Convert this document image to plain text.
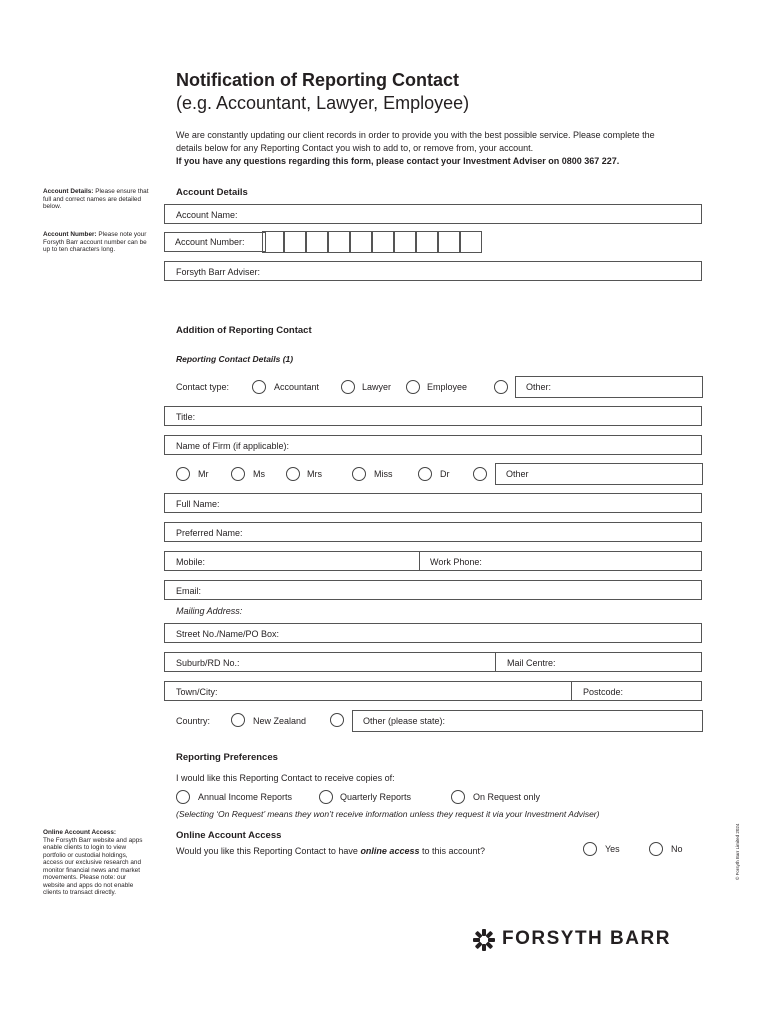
Notification of Reporting Contact
(e.g. Accountant, Lawyer, Employee)
We are constantly updating our client records in order to provide you with the best possible service. Please complete the details below for any Reporting Contact you wish to add to, or remove from, your account.
If you have any questions regarding this form, please contact your Investment Adviser on 0800 367 227.
Account Details: Please ensure that full and correct names are detailed below.
Account Number: Please note your Forsyth Barr account number can be up to ten characters long.
Online Account Access:
The Forsyth Barr website and apps enable clients to login to view portfolio or custodial holdings, access our exclusive research and monitor financial news and market movements. Please note: our website and apps do not enable clients to transact directly.
Account Details
Account Name:
Account Number:
Forsyth Barr Adviser:
Addition of Reporting Contact
Reporting Contact Details (1)
Contact type:	Accountant	Lawyer	Employee	Other:
Title:
Name of Firm (if applicable):
Mr	Ms	Mrs	Miss	Dr	Other
Full Name:
Preferred Name:
Mobile:	Work Phone:
Email:
Mailing Address:
Street No./Name/PO Box:
Suburb/RD No.:	Mail Centre:
Town/City:	Postcode:
Country:	New Zealand	Other (please state):
Reporting Preferences
I would like this Reporting Contact to receive copies of:
Annual Income Reports	Quarterly Reports	On Request only
(Selecting ‘On Request’ means they won’t receive information unless they request it via your Investment Adviser)
Online Account Access
Would you like this Reporting Contact to have online access to this account?	Yes	No
FORSYTH BARR
© Forsyth Barr Limited 2024
